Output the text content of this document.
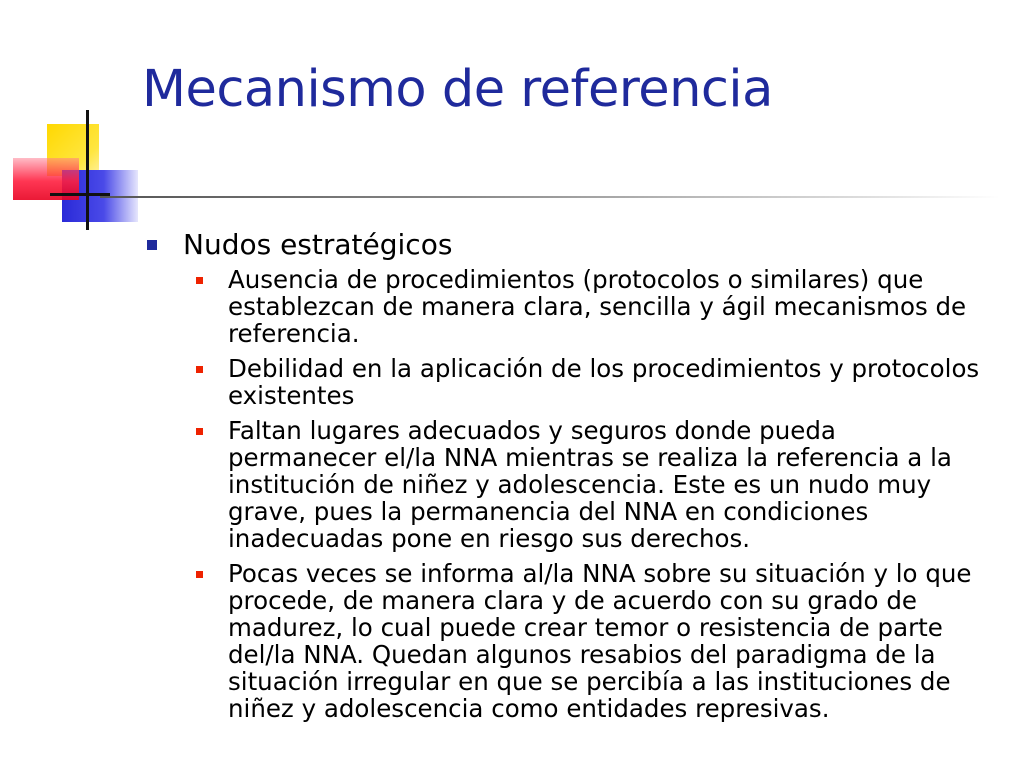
Mecanismo de referencia
Nudos estratégicos
Ausencia de procedimientos (protocolos o similares) que establezcan de manera clara, sencilla y ágil mecanismos de referencia.
Debilidad en la aplicación de los procedimientos y protocolos existentes
Faltan lugares adecuados y seguros donde pueda permanecer el/la NNA mientras se realiza la referencia a la institución de niñez y adolescencia. Este es un nudo muy grave, pues la permanencia del NNA en condiciones inadecuadas pone en riesgo sus derechos.
Pocas veces se informa al/la NNA sobre su situación y lo que procede, de manera clara y de acuerdo con su grado de madurez, lo cual puede crear temor o resistencia de parte del/la NNA. Quedan algunos resabios del paradigma de la situación irregular en que se percibía a las instituciones de niñez y adolescencia como entidades represivas.
